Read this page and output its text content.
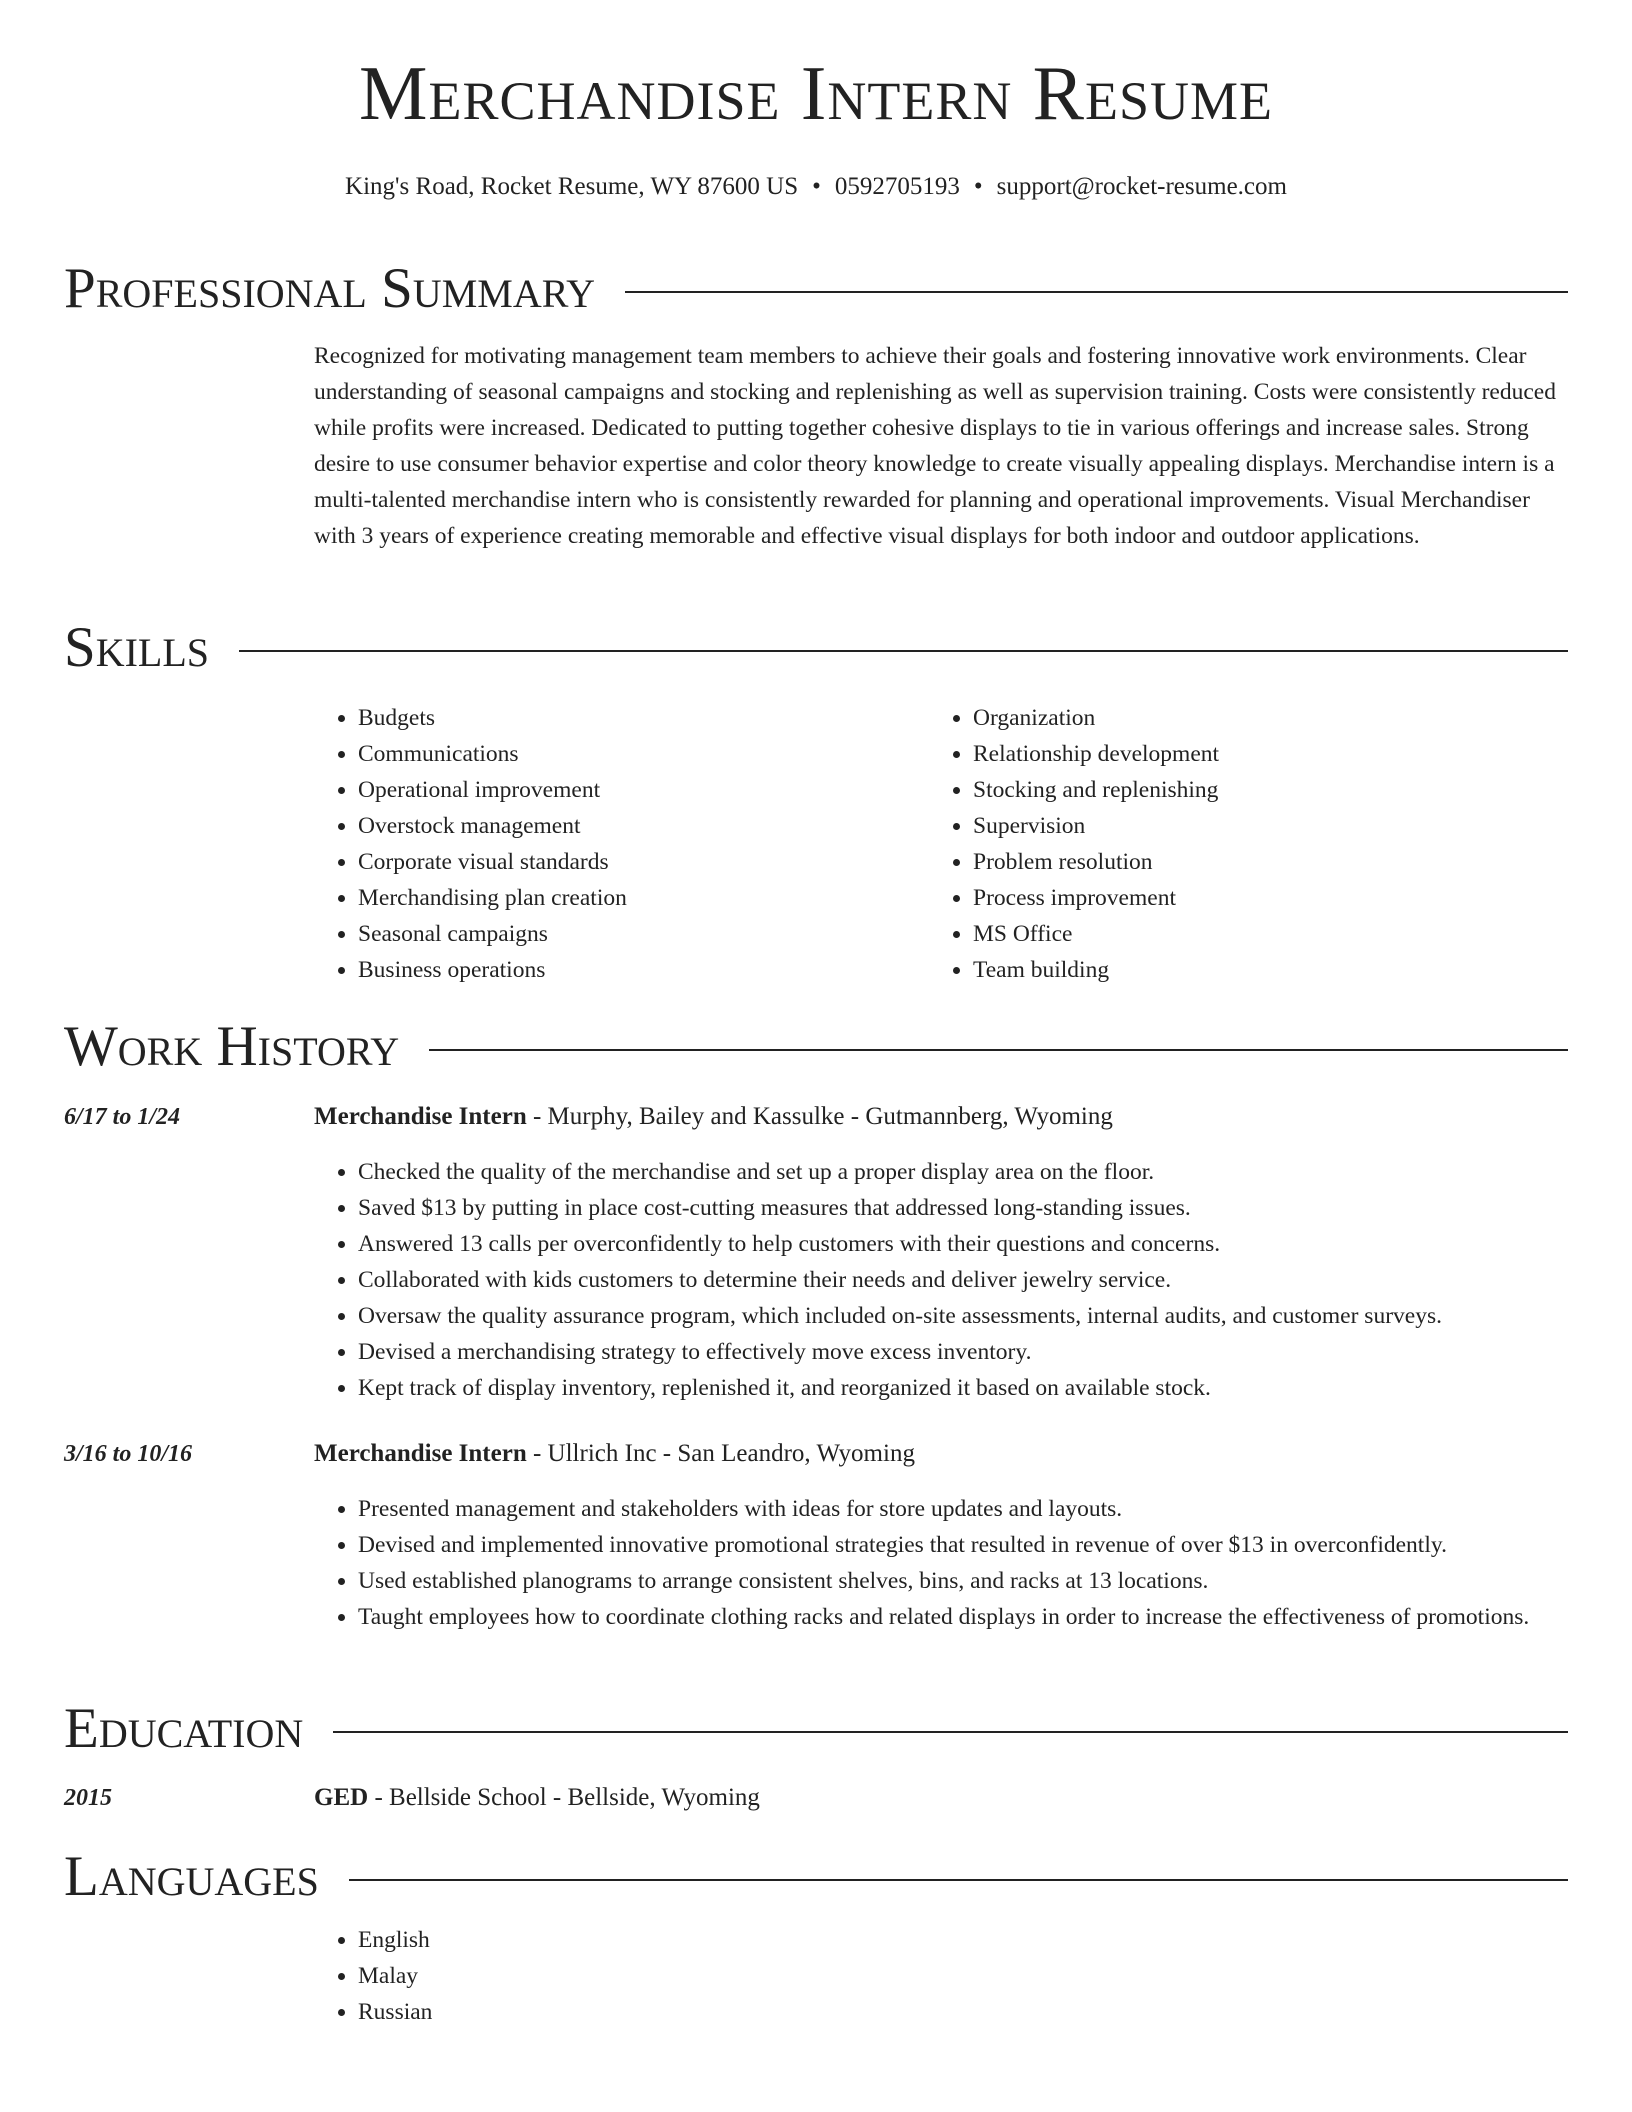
Merchandise Intern Resume
King's Road, Rocket Resume, WY 87600 US • 0592705193 • support@rocket-resume.com
Professional Summary
Recognized for motivating management team members to achieve their goals and fostering innovative work environments. Clear understanding of seasonal campaigns and stocking and replenishing as well as supervision training. Costs were consistently reduced while profits were increased. Dedicated to putting together cohesive displays to tie in various offerings and increase sales. Strong desire to use consumer behavior expertise and color theory knowledge to create visually appealing displays. Merchandise intern is a multi-talented merchandise intern who is consistently rewarded for planning and operational improvements. Visual Merchandiser with 3 years of experience creating memorable and effective visual displays for both indoor and outdoor applications.
Skills
• Budgets
• Communications
• Operational improvement
• Overstock management
• Corporate visual standards
• Merchandising plan creation
• Seasonal campaigns
• Business operations
• Organization
• Relationship development
• Stocking and replenishing
• Supervision
• Problem resolution
• Process improvement
• MS Office
• Team building
Work History
6/17 to 1/24	Merchandise Intern - Murphy, Bailey and Kassulke - Gutmannberg, Wyoming
• Checked the quality of the merchandise and set up a proper display area on the floor.
• Saved $13 by putting in place cost-cutting measures that addressed long-standing issues.
• Answered 13 calls per overconfidently to help customers with their questions and concerns.
• Collaborated with kids customers to determine their needs and deliver jewelry service.
• Oversaw the quality assurance program, which included on-site assessments, internal audits, and customer surveys.
• Devised a merchandising strategy to effectively move excess inventory.
• Kept track of display inventory, replenished it, and reorganized it based on available stock.
3/16 to 10/16	Merchandise Intern - Ullrich Inc - San Leandro, Wyoming
• Presented management and stakeholders with ideas for store updates and layouts.
• Devised and implemented innovative promotional strategies that resulted in revenue of over $13 in overconfidently.
• Used established planograms to arrange consistent shelves, bins, and racks at 13 locations.
• Taught employees how to coordinate clothing racks and related displays in order to increase the effectiveness of promotions.
Education
2015	GED - Bellside School - Bellside, Wyoming
Languages
• English
• Malay
• Russian
